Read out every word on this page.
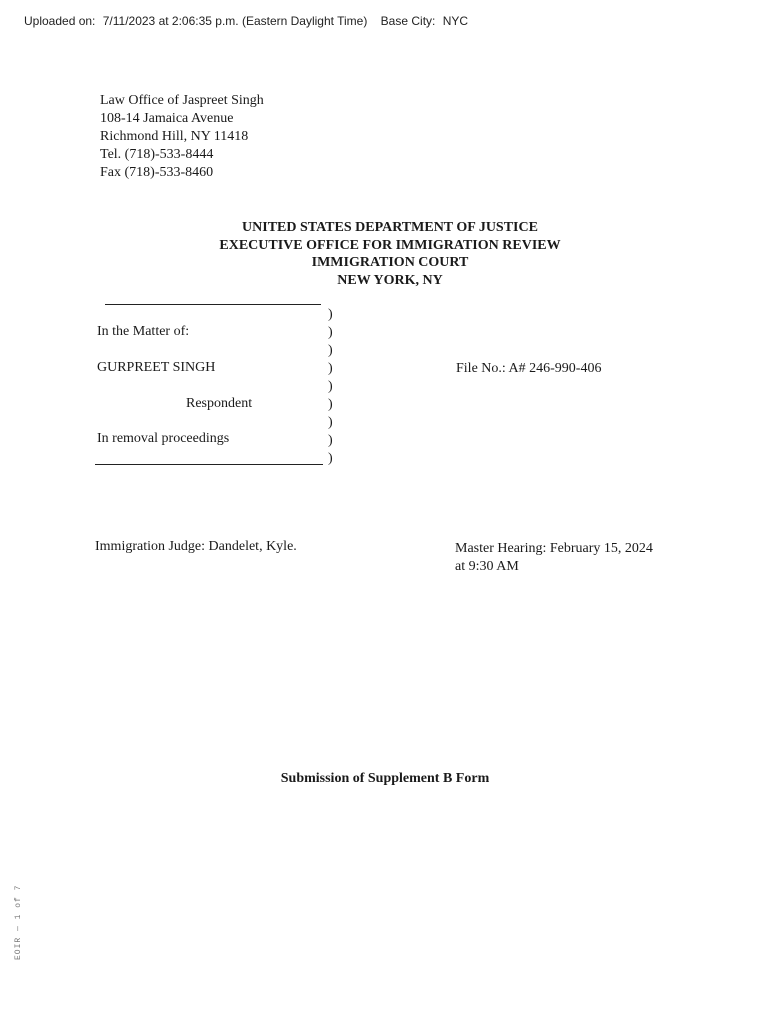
Uploaded on: 7/11/2023 at 2:06:35 p.m. (Eastern Daylight Time) Base City: NYC
Law Office of Jaspreet Singh
108-14 Jamaica Avenue
Richmond Hill, NY 11418
Tel. (718)-533-8444
Fax (718)-533-8460
UNITED STATES DEPARTMENT OF JUSTICE
EXECUTIVE OFFICE FOR IMMIGRATION REVIEW
IMMIGRATION COURT
NEW YORK, NY
In the Matter of:
GURPREET SINGH
Respondent
In removal proceedings
)
)
)
)
)
)
)
)
)
File No.: A# 246-990-406
Immigration Judge: Dandelet, Kyle.	Master Hearing: February 15, 2024
at 9:30 AM
Submission of Supplement B Form
EOIR — 1 of 7
